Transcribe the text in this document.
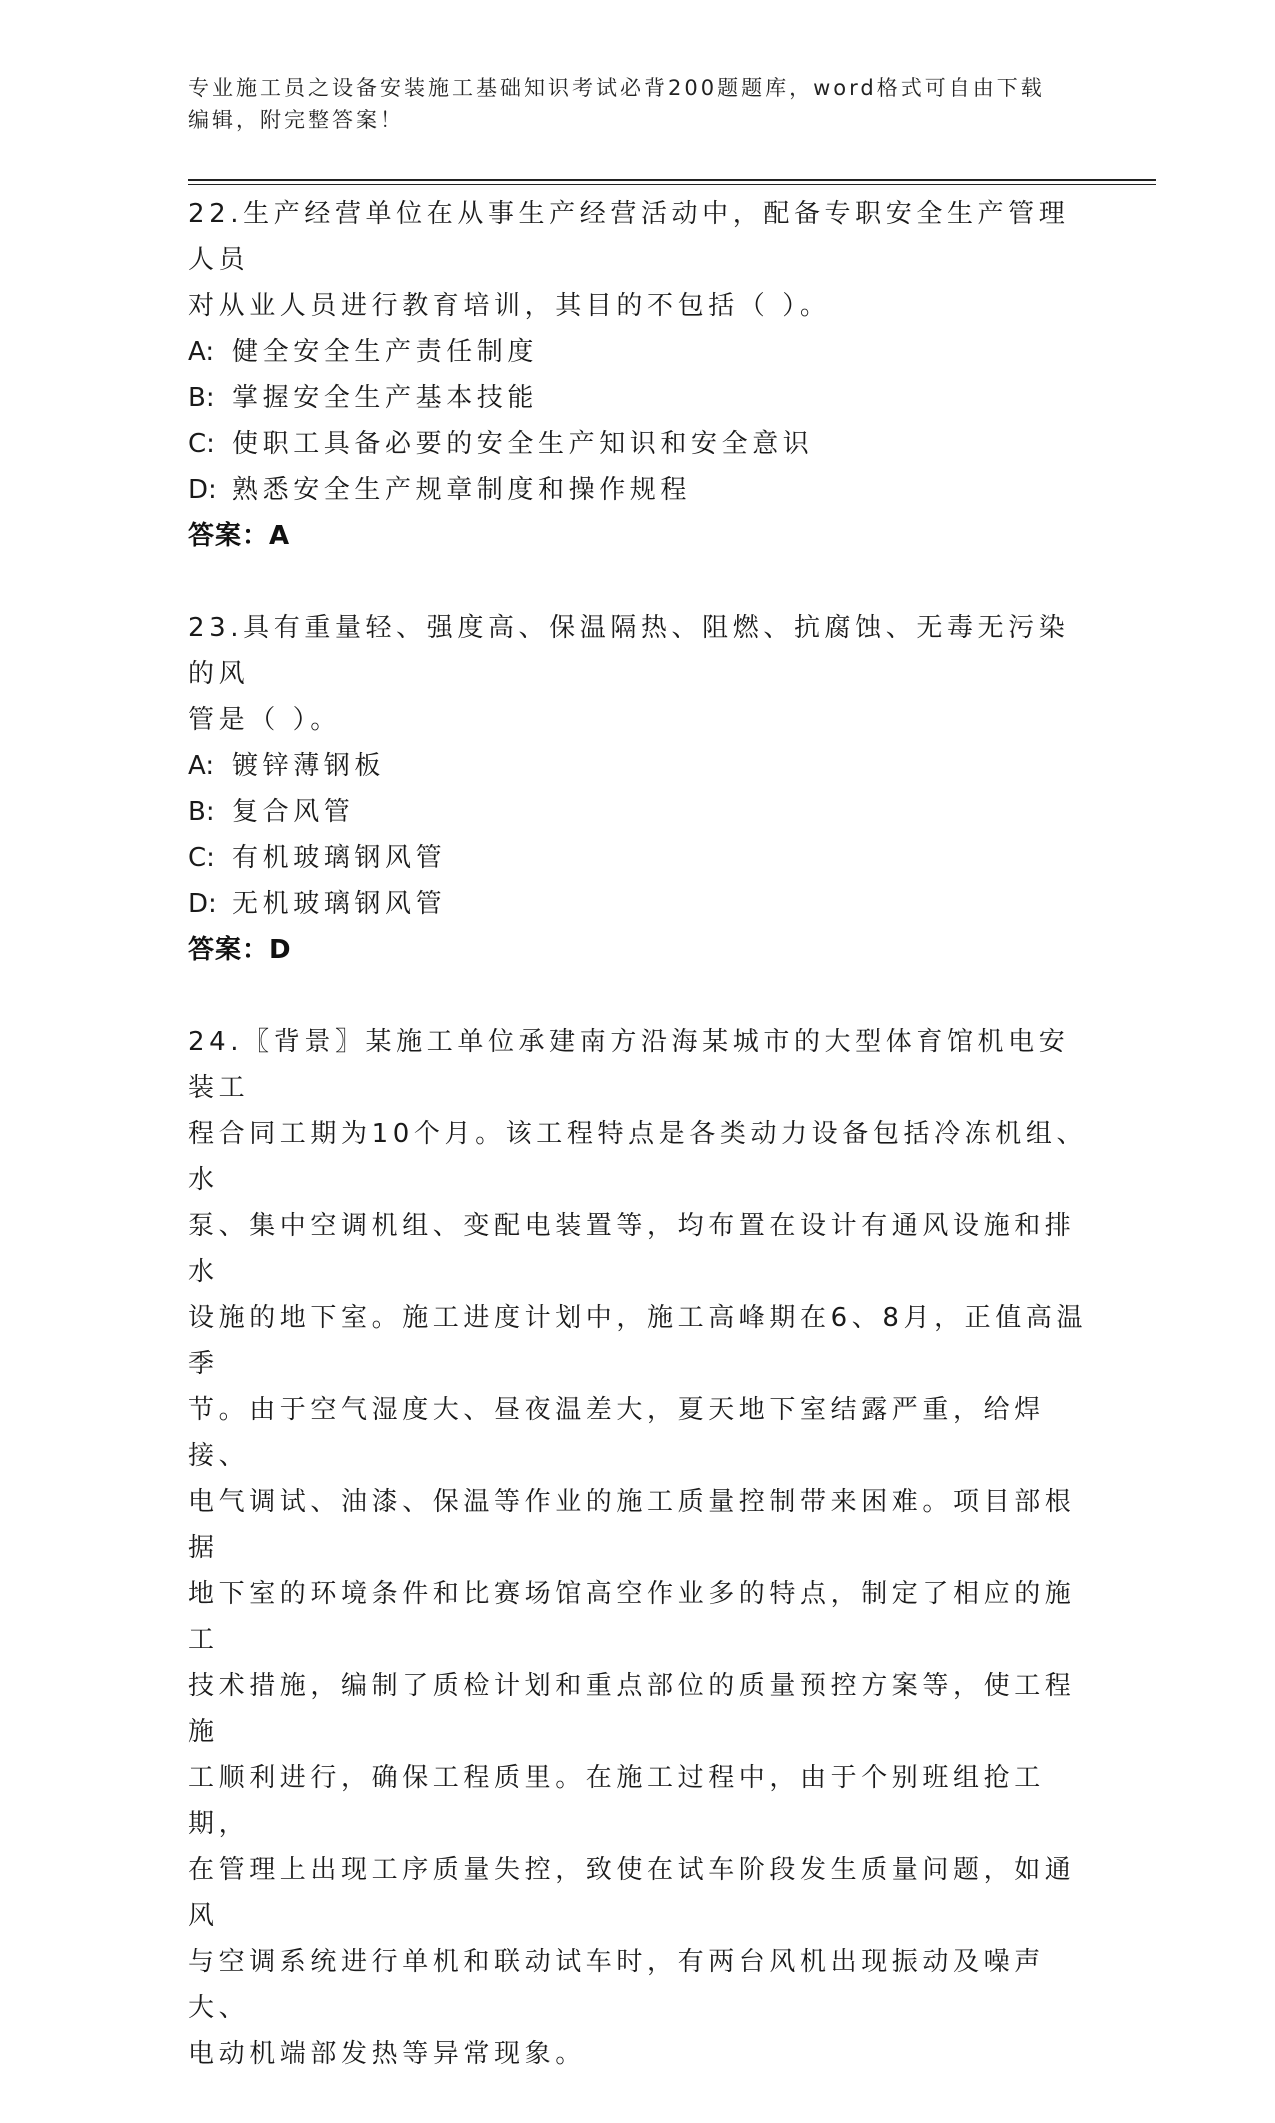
专业施工员之设备安装施工基础知识考试必背200题题库，word格式可自由下载
编辑，附完整答案！

22.生产经营单位在从事生产经营活动中，配备专职安全生产管理人员

对从业人员进行教育培训，其目的不包括（ ）。

A: 健全安全生产责任制度
B: 掌握安全生产基本技能
C: 使职工具备必要的安全生产知识和安全意识
D: 熟悉安全生产规章制度和操作规程

答案：A

23.具有重量轻、强度高、保温隔热、阻燃、抗腐蚀、无毒无污染的风

管是（ ）。

A: 镀锌薄钢板
B: 复合风管
C: 有机玻璃钢风管
D: 无机玻璃钢风管

答案：D

24.〖背景〗某施工单位承建南方沿海某城市的大型体育馆机电安装工

程合同工期为10个月。该工程特点是各类动力设备包括冷冻机组、水

泵、集中空调机组、变配电装置等，均布置在设计有通风设施和排水

设施的地下室。施工进度计划中，施工高峰期在6、8月，正值高温季

节。由于空气湿度大、昼夜温差大，夏天地下室结露严重，给焊接、

电气调试、油漆、保温等作业的施工质量控制带来困难。项目部根据

地下室的环境条件和比赛场馆高空作业多的特点，制定了相应的施工

技术措施，编制了质检计划和重点部位的质量预控方案等，使工程施

工顺利进行，确保工程质里。在施工过程中，由于个别班组抢工期，

在管理上出现工序质量失控，致使在试车阶段发生质量问题，如通风

与空调系统进行单机和联动试车时，有两台风机出现振动及噪声大、

电动机端部发热等异常现象。
